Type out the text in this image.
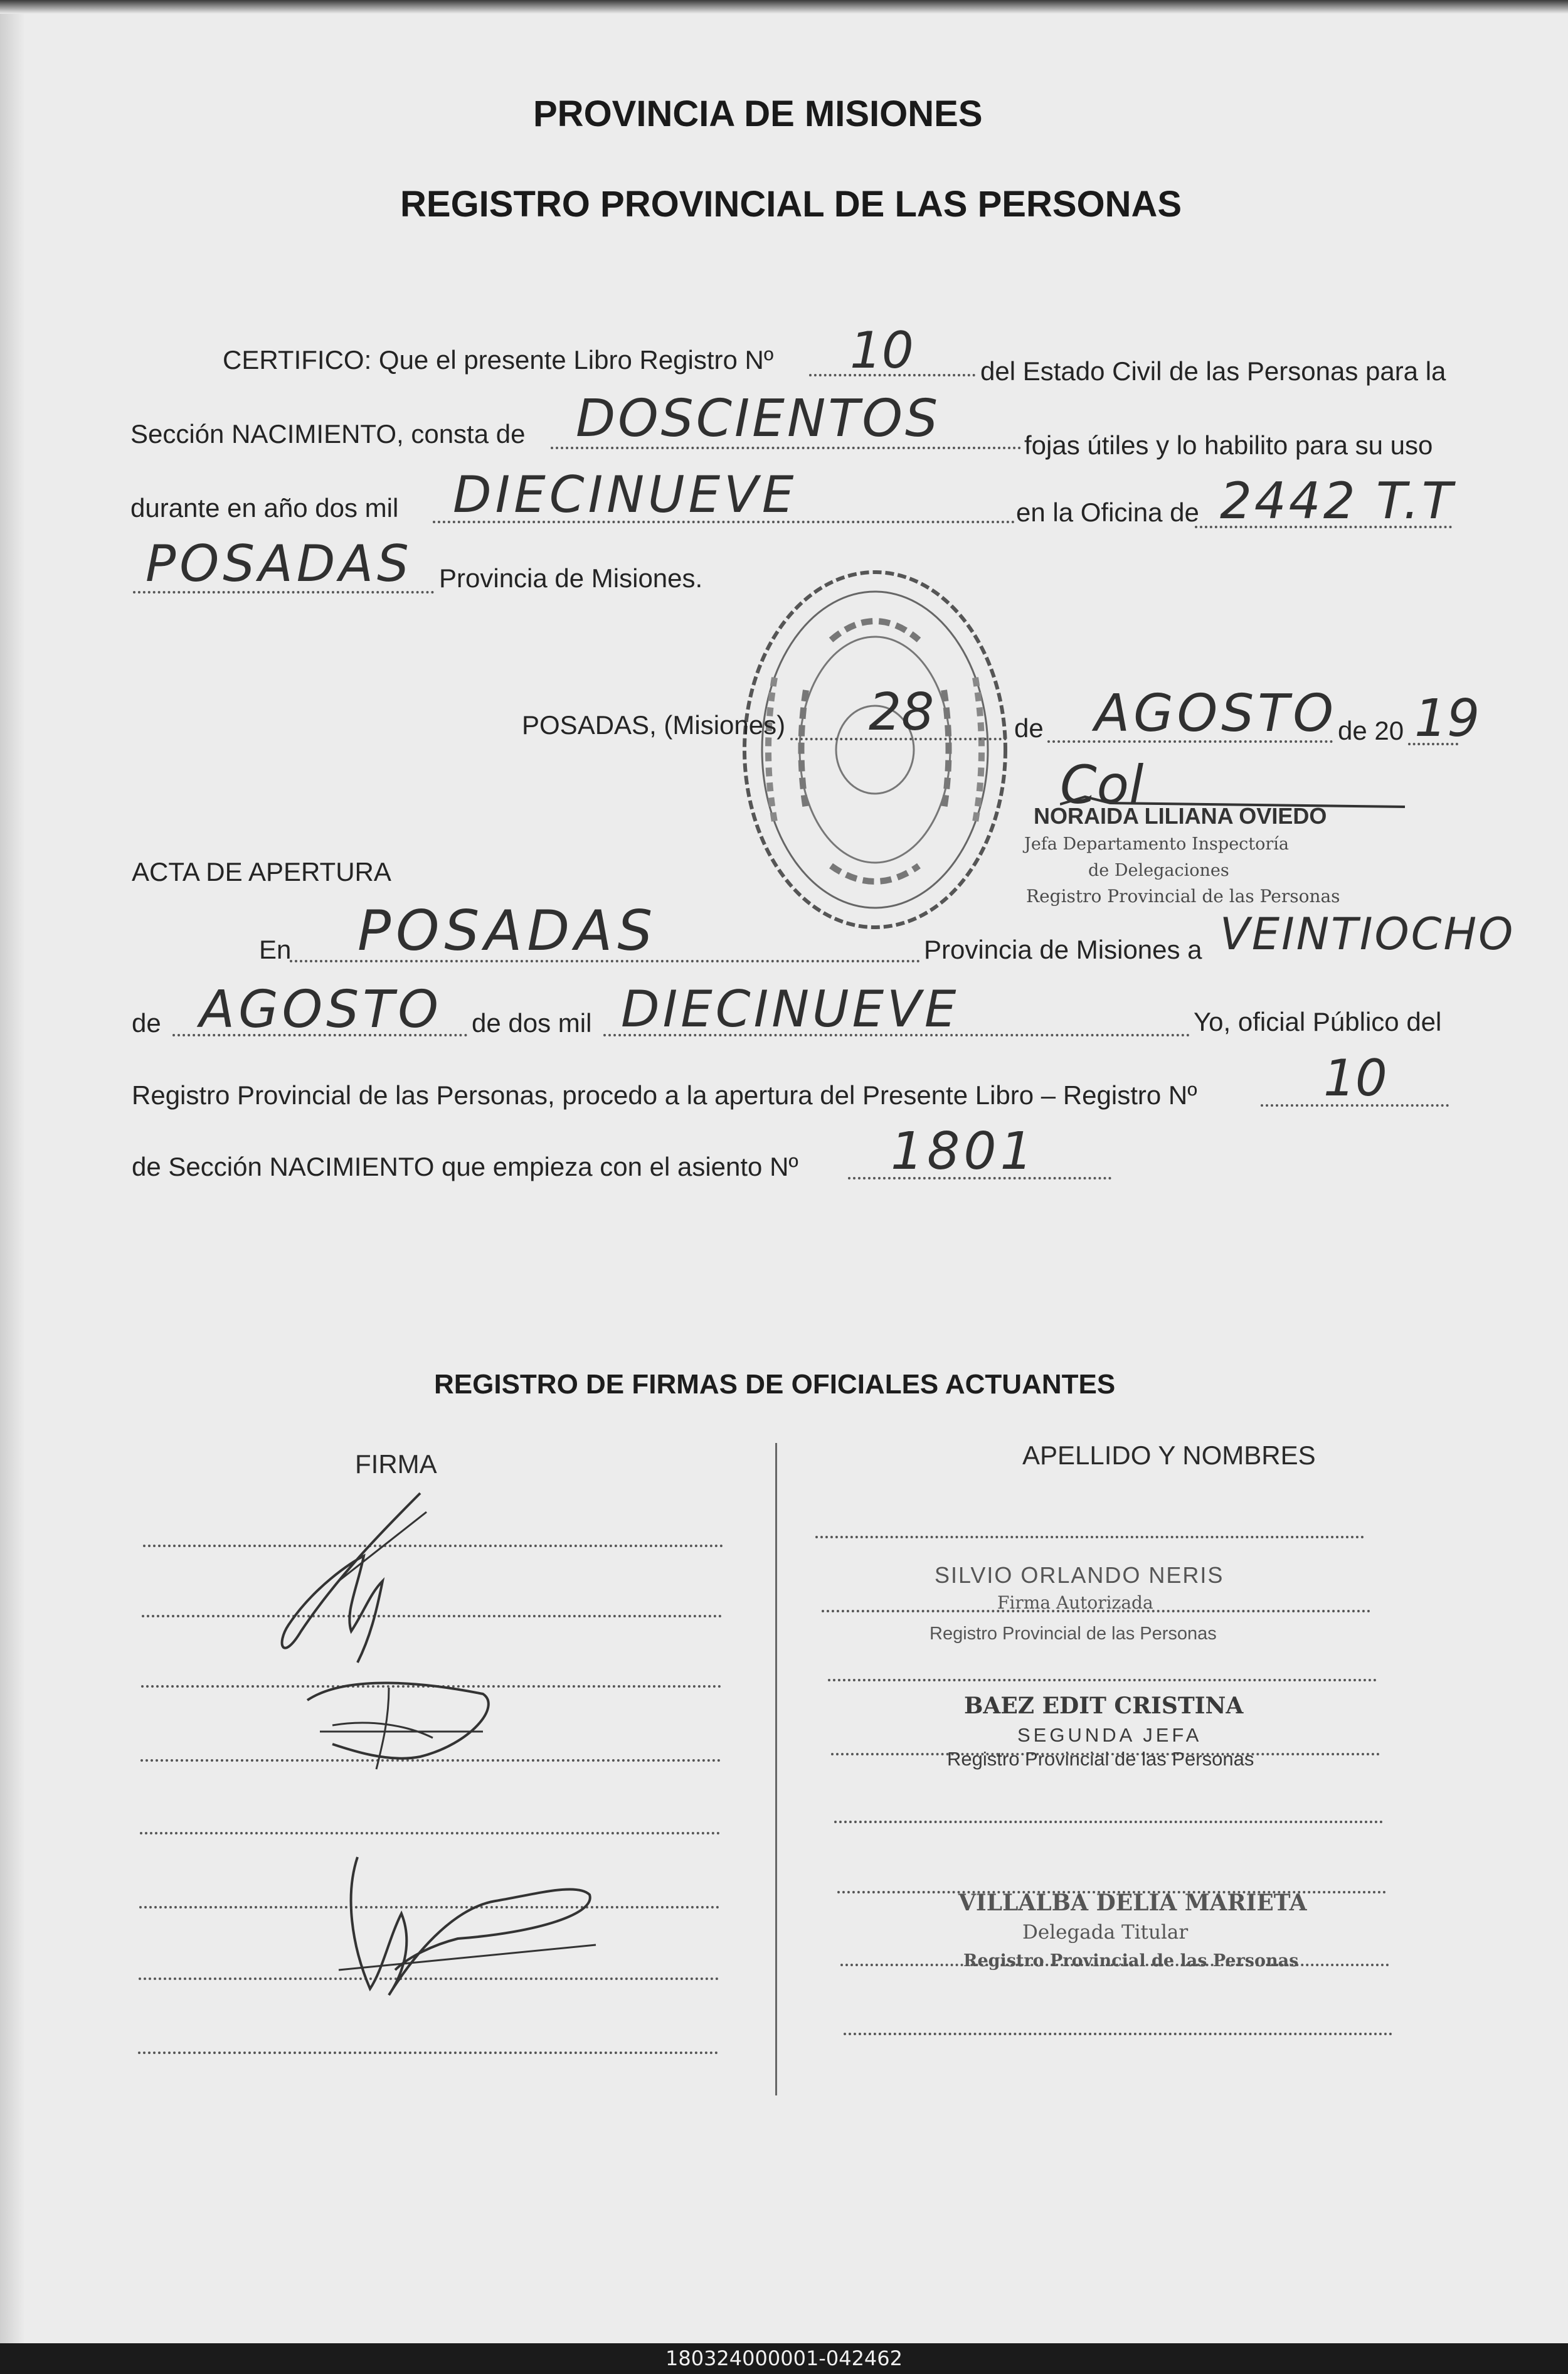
PROVINCIA DE MISIONES
REGISTRO PROVINCIAL DE LAS PERSONAS
CERTIFICO: Que el presente Libro Registro Nº 10	del Estado Civil de las Personas para la
Sección NACIMIENTO, consta de DOSCIENTOS	fojas útiles y lo habilito para su uso
durante en año dos mil DIECINUEVE	en la Oficina de 2442 T.T
POSADAS Provincia de Misiones.
POSADAS, (Misiones) 28	de AGOSTO de 20 19
Col
NORAIDA LILIANA OVIEDO
Jefa Departamento Inspectoría
de Delegaciones
Registro Provincial de las Personas
ACTA DE APERTURA
En POSADAS	Provincia de Misiones a VEINTIOCHO
de AGOSTO de dos mil DIECINUEVE	Yo, oficial Público del
Registro Provincial de las Personas, procedo a la apertura del Presente Libro – Registro Nº	10
de Sección NACIMIENTO que empieza con el asiento Nº 1801
REGISTRO DE FIRMAS DE OFICIALES ACTUANTES
FIRMA	APELLIDO Y NOMBRES
SILVIO ORLANDO NERIS
Firma Autorizada
Registro Provincial de las Personas
BAEZ EDIT CRISTINA
SEGUNDA JEFA
Registro Provincial de las Personas
VILLALBA DELIA MARIETA
Delegada Titular
Registro Provincial de las Personas
180324000001-042462
